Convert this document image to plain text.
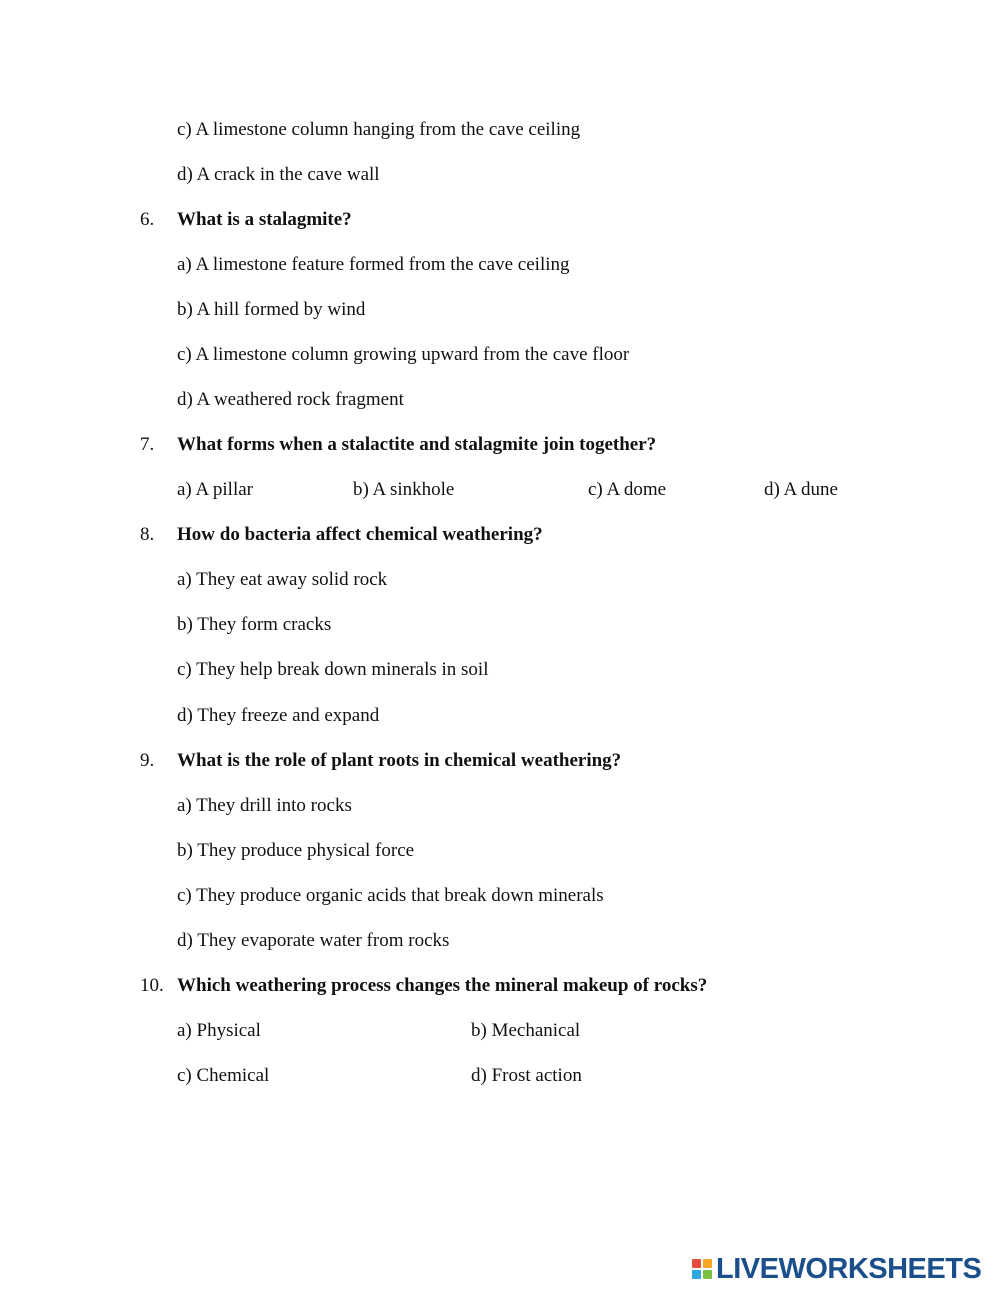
c) A limestone column hanging from the cave ceiling
d) A crack in the cave wall
6. What is a stalagmite?
a) A limestone feature formed from the cave ceiling
b) A hill formed by wind
c) A limestone column growing upward from the cave floor
d) A weathered rock fragment
7. What forms when a stalactite and stalagmite join together?
a) A pillar	b) A sinkhole	c) A dome	d) A dune
8. How do bacteria affect chemical weathering?
a) They eat away solid rock
b) They form cracks
c) They help break down minerals in soil
d) They freeze and expand
9. What is the role of plant roots in chemical weathering?
a) They drill into rocks
b) They produce physical force
c) They produce organic acids that break down minerals
d) They evaporate water from rocks
10. Which weathering process changes the mineral makeup of rocks?
a) Physical	b) Mechanical
c) Chemical	d) Frost action
LIVEWORKSHEETS
